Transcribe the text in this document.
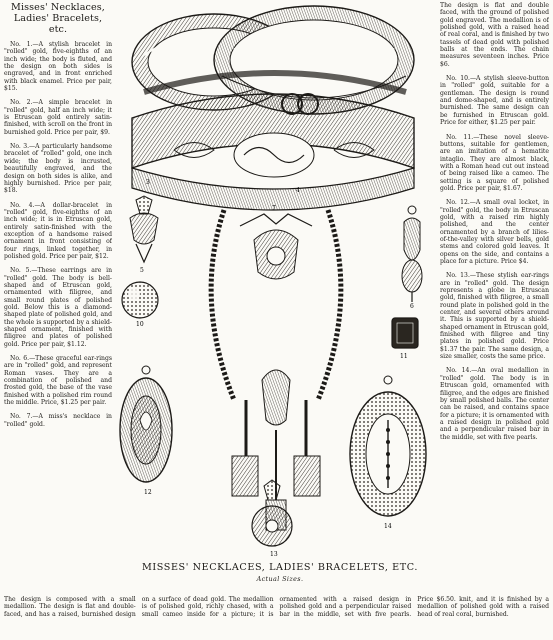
Misses' Necklaces,
Ladies' Bracelets,
etc.

No. 1.—A stylish bracelet in "rolled" gold, five-eighths of an inch wide; the body is fluted, and the design on both sides is engraved, and in front enriched with black enamel. Price per pair, $15.

No. 2.—A simple bracelet in "rolled" gold, half an inch wide; it is Etruscan gold entirely satin-finished, with scroll on the front in burnished gold. Price per pair, $9.

No. 3.—A particularly handsome bracelet of "rolled" gold, one inch wide; the body is incrusted, beautifully engraved, and the design on both sides is alike, and highly burnished. Price per pair, $18.

No. 4.—A dollar-bracelet in "rolled" gold, five-eighths of an inch wide; it is in Etruscan gold, entirely satin-finished with the exception of a handsome raised ornament in front consisting of four rings, linked together, in polished gold. Price per pair, $12.

No. 5.—These earrings are in "rolled" gold. The body is bell-shaped and of Etruscan gold, ornamented with filigree, and small round plates of polished gold. Below this is a diamond-shaped plate of polished gold, and the whole is supported by a shield-shaped ornament, finished with filigree and plates of polished gold. Price per pair, $1.12.

No. 6.—These graceful ear-rings are in "rolled" gold, and represent Roman vases. They are a combination of polished and frosted gold, the base of the vase finished with a polished rim round the middle. Price, $1.25 per pair.

No. 7.—A miss's necklace in "rolled" gold.

3
4
5
6
7
10
11
12
13
14

The design is flat and double faced, with the ground of polished gold engraved. The medallion is of polished gold, with a raised head of real coral, and is finished by two tassels of dead gold with polished balls at the ends. The chain measures seventeen inches. Price $6.

No. 10.—A stylish sleeve-button in "rolled" gold, suitable for a gentleman. The design is round and dome-shaped, and is entirely burnished. The same design can be furnished in Etruscan gold. Price for either, $1.25 per pair.

No. 11.—These novel sleeve-buttons, suitable for gentlemen, are an imitation of a hematite intaglio. They are almost black, with a Roman head cut out instead of being raised like a cameo. The setting is a square of polished gold. Price per pair, $1.67.

No. 12.—A small oval locket, in "rolled" gold, the body in Etruscan gold, with a raised rim highly polished, and the center ornamented by a branch of lilies-of-the-valley with silver bells, gold stems and colored gold leaves. It opens on the side, and contains a place for a picture. Price $4.

No. 13.—These stylish ear-rings are in "rolled" gold. The design represents a globe in Etruscan gold, finished with filigree, a small round plate in polished gold in the center, and several others around it. This is supported by a shield-shaped ornament in Etruscan gold, finished with filigree and tiny plates in polished gold. Price $1.37 the pair. The same design, a size smaller, costs the same price.

No. 14.—An oval medallion in "rolled" gold. The body is in Etruscan gold, ornamented with filigree, and the edges are finished by small polished balls. The center can be raised, and contains space for a picture; it is ornamented with a raised design in polished gold and a perpendicular raised bar in the middle, set with five pearls.

MISSES' NECKLACES, LADIES' BRACELETS, ETC.
Actual Sizes.
The design is composed with a small medallion. The design is flat and double-faced, and has a raised, burnished design on a surface of dead gold. The medallion is of polished gold, richly chased, with a small cameo inside for a picture; it is ornamented with a raised design in polished gold and a perpendicular raised bar in the middle, set with five pearls. Price $6.50. knit, and it is finished by a medallion of polished gold with a raised head of real coral, burnished.
